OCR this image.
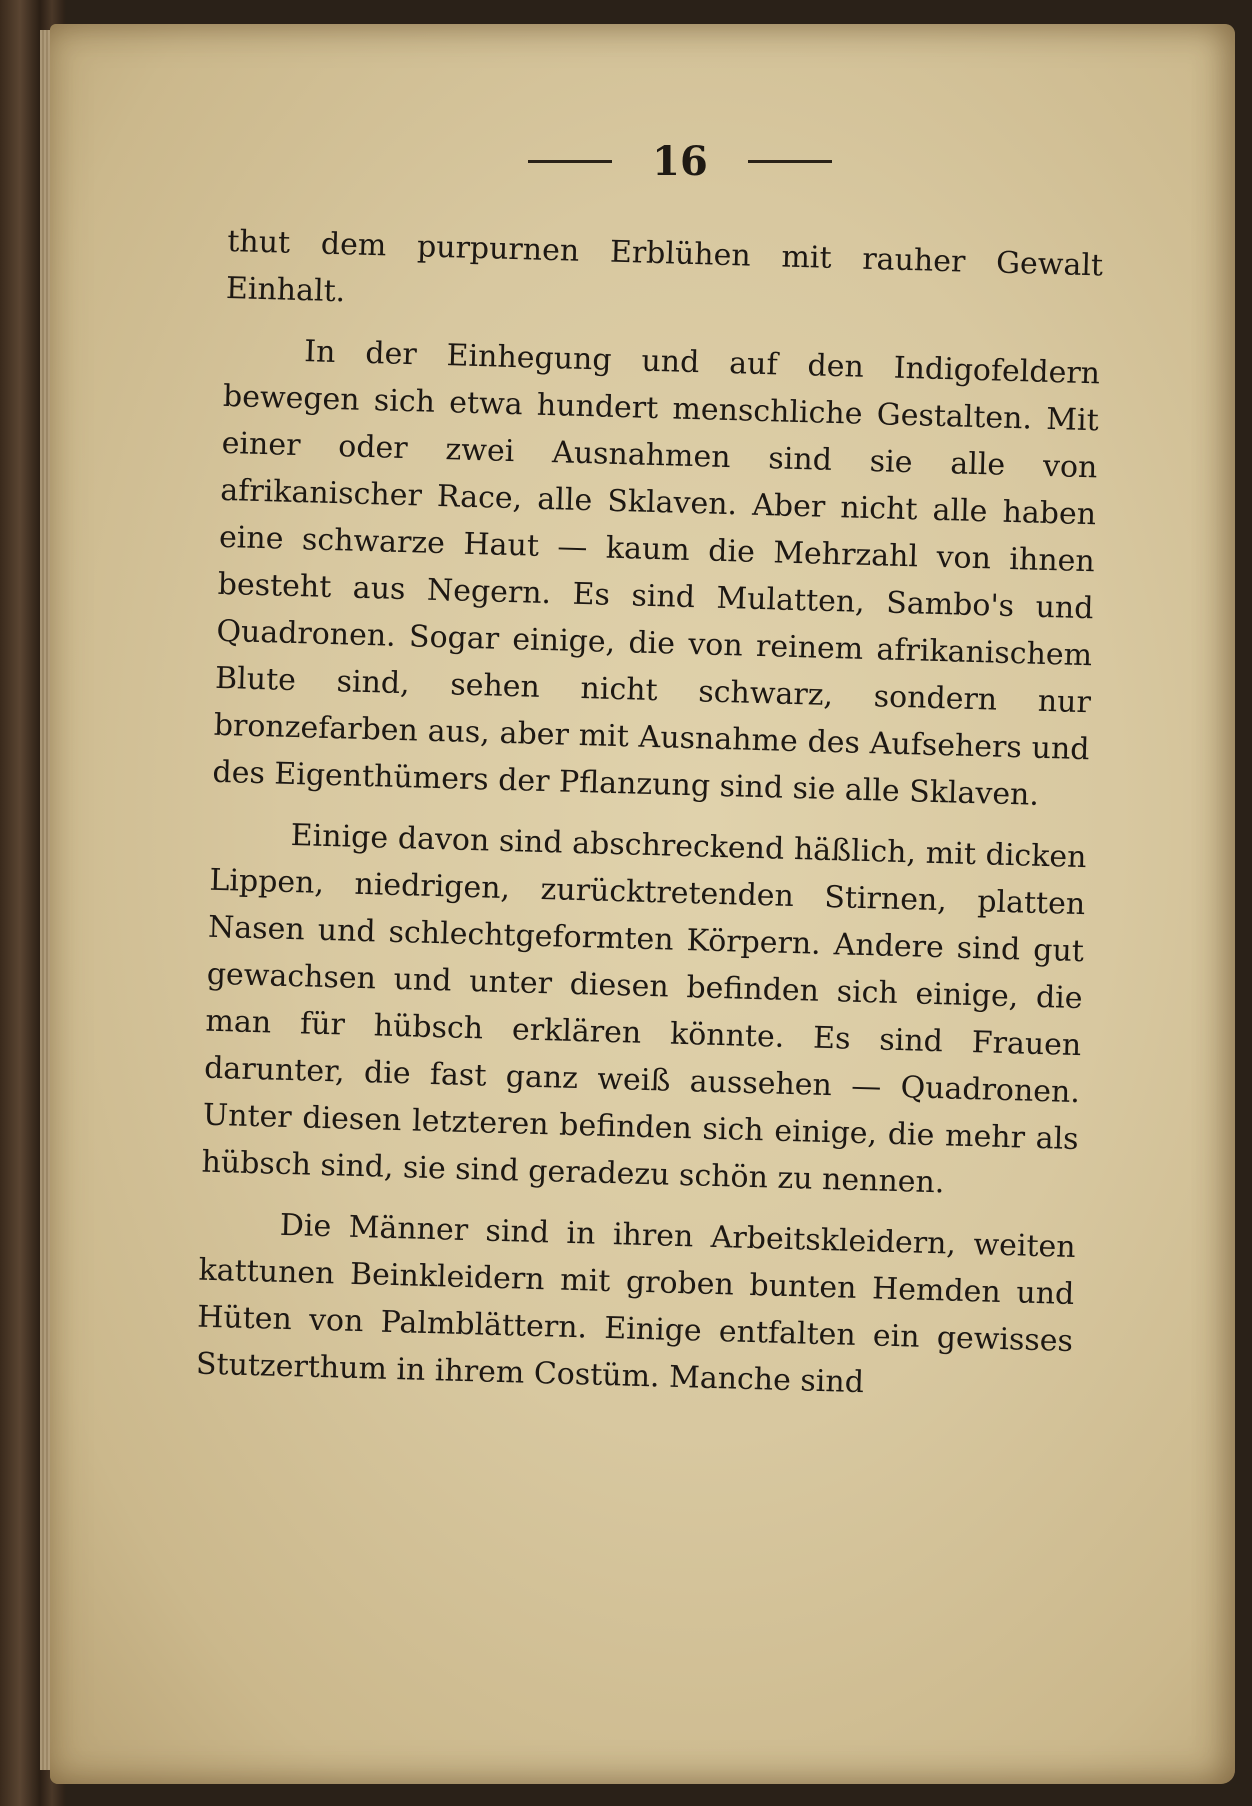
16

thut dem purpurnen Erblühen mit rauher Gewalt Einhalt.

In der Einhegung und auf den Indigofeldern bewegen sich etwa hundert menschliche Gestalten. Mit einer oder zwei Ausnahmen sind sie alle von afrikanischer Race, alle Sklaven. Aber nicht alle haben eine schwarze Haut — kaum die Mehrzahl von ihnen besteht aus Negern. Es sind Mulatten, Sambo's und Quadronen. Sogar einige, die von reinem afrikanischem Blute sind, sehen nicht schwarz, sondern nur bronzefarben aus, aber mit Ausnahme des Aufsehers und des Eigenthümers der Pflanzung sind sie alle Sklaven.

Einige davon sind abschreckend häßlich, mit dicken Lippen, niedrigen, zurücktretenden Stirnen, platten Nasen und schlechtgeformten Körpern. Andere sind gut gewachsen und unter diesen befinden sich einige, die man für hübsch erklären könnte. Es sind Frauen darunter, die fast ganz weiß aussehen — Quadronen. Unter diesen letzteren befinden sich einige, die mehr als hübsch sind, sie sind geradezu schön zu nennen.

Die Männer sind in ihren Arbeitskleidern, weiten kattunen Beinkleidern mit groben bunten Hemden und Hüten von Palmblättern. Einige entfalten ein gewisses Stutzerthum in ihrem Costüm. Manche sind
